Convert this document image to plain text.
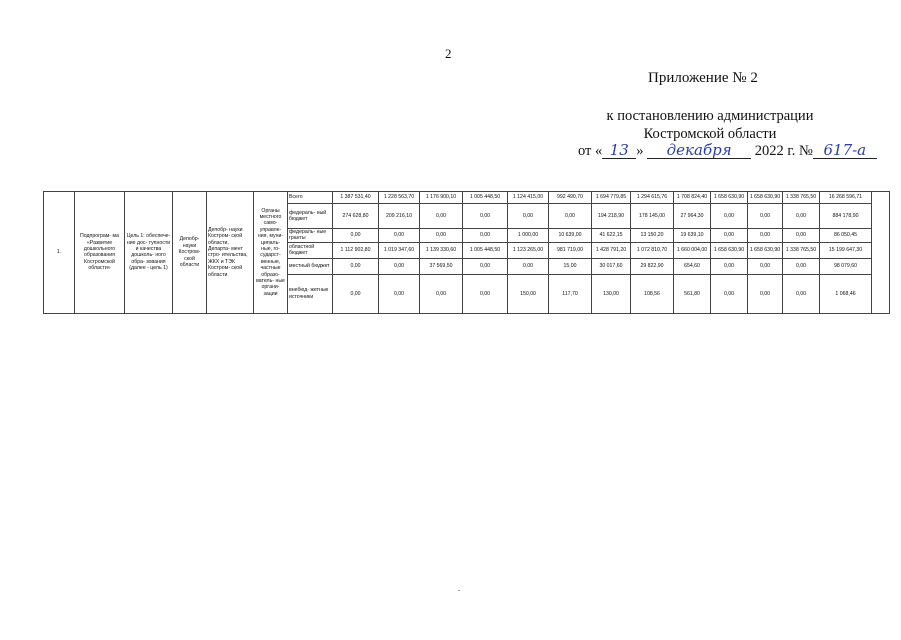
2
Приложение № 2
к постановлению администрации
Костромской области
от « 13 » декабря 2022 г. № 617-а
1.	Подпрограм- ма «Развитие дошкольного образования Костромской области»	Цель 1: обеспече- ние дос- тупности и качества дошколь- ного обра- зования (далее - цель 1)	Депобр- науки Костром- ской области	Депобр- науки Костром- ской области, Департа- мент стро- ительства, ЖКХ и ТЭК Костром- ской области	Органы местного само- управле- ния, муни- ципаль- ные, го- сударст- венные, частные образо- ватель- ные органи- зации	Всего	1 387 531,40	1 228 563,70	1 176 900,10	1 005 448,50	1 124 415,00	992 490,70	1 694 779,85	1 294 615,76	1 708 824,40	1 658 630,90	1 658 630,90	1 338 765,50	16 268 596,71	
						федераль- ный бюджет	274 628,80	209 216,10	0,00	0,00	0,00	0,00	194 218,90	178 145,00	27 964,30	0,00	0,00	0,00	884 178,90	
						федераль- ные гранты	0,00	0,00	0,00	0,00	1 000,00	10 639,00	41 622,15	13 150,20	19 639,10	0,00	0,00	0,00	86 050,45	
						областной бюджет	1 112 902,80	1 019 347,60	1 139 330,60	1 005 448,50	1 123 265,00	981 719,00	1 428 791,20	1 072 810,70	1 660 004,00	1 658 630,90	1 658 630,90	1 338 765,50	15 199 647,30	
						местный бюджет	0,00	0,00	37 569,50	0,00	0,00	15,00	30 017,60	29 822,90	654,60	0,00	0,00	0,00	98 079,60	
						внебюд- жетные источники	0,00	0,00	0,00	0,00	150,00	117,70	130,00	108,56	561,80	0,00	0,00	0,00	1 068,46	
